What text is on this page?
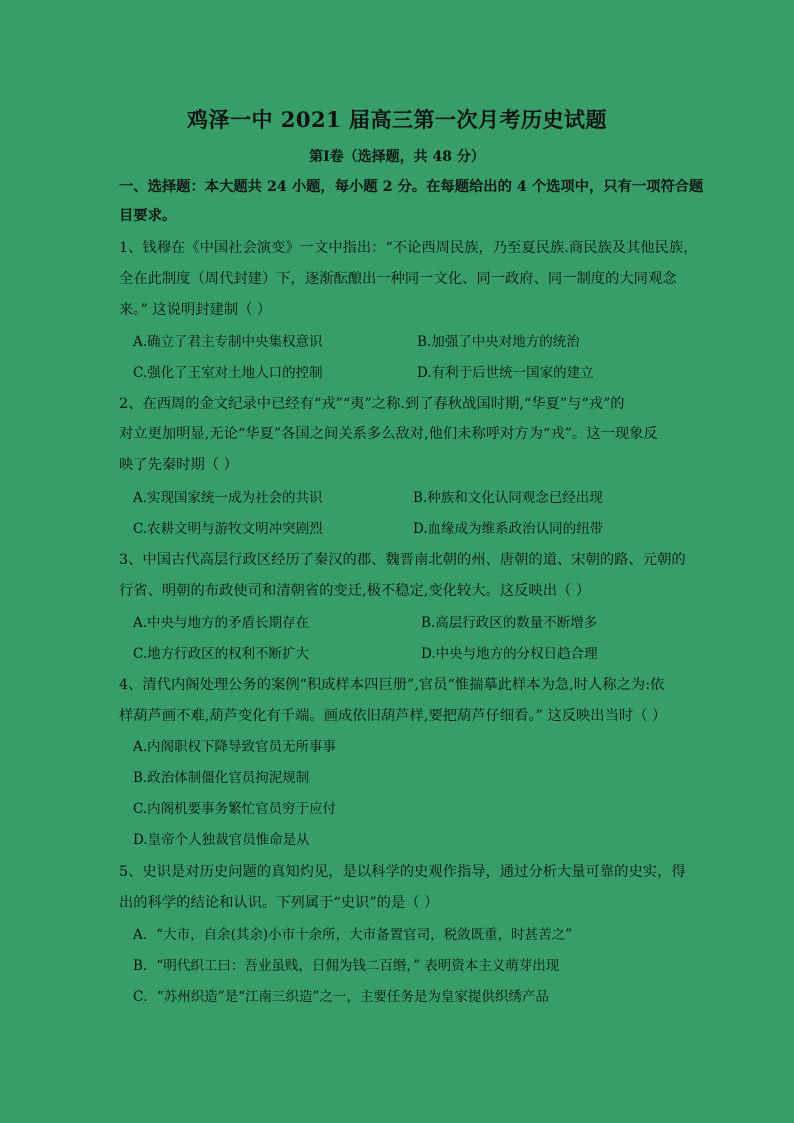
鸡泽一中 2021 届高三第一次月考历史试题
第Ⅰ卷（选择题，共 48 分）
一、选择题：本大题共 24 小题，每小题 2 分。在每题给出的 4 个选项中，只有一项符合题
目要求。
1、钱穆在《中国社会演变》一文中指出：“不论西周民族，乃至夏民族.商民族及其他民族，
全在此制度（周代封建）下，逐渐酝酿出一种同一文化、同一政府、同一制度的大同观念
来。” 这说明封建制（ ）
A.确立了君主专制中央集权意识	B.加强了中央对地方的统治
C.强化了王室对土地人口的控制	D.有利于后世统一国家的建立
2、在西周的金文纪录中已经有“戎”“夷”之称.到了春秋战国时期,“华夏”与“戎”的
对立更加明显,无论“华夏”各国之间关系多么敌对,他们未称呼对方为“戎”。这一现象反
映了先秦时期（ ）
A.实现国家统一成为社会的共识	B.种族和文化认同观念已经出现
C.农耕文明与游牧文明冲突剧烈	D.血缘成为维系政治认同的纽带
3、中国古代高层行政区经历了秦汉的郡、魏晋南北朝的州、唐朝的道、宋朝的路、元朝的
行省、明朝的布政使司和清朝省的变迁,极不稳定,变化较大。这反映出（ ）
A.中央与地方的矛盾长期存在	B.高层行政区的数量不断增多
C.地方行政区的权利不断扩大	D.中央与地方的分权日趋合理
4、清代内阁处理公务的案例“积成样本四巨册”,官员“惟揣摹此样本为急,时人称之为:依
样葫芦画不难,葫芦变化有千端。画成依旧葫芦样,要把葫芦仔细看。” 这反映出当时（ ）
A.内阁职权下降导致官员无所事事
B.政治体制僵化官员拘泥规制
C.内阁机要事务繁忙官员穷于应付
D.皇帝个人独裁官员惟命是从
5、史识是对历史问题的真知灼见，是以科学的史观作指导，通过分析大量可靠的史实，得
出的科学的结论和认识。下列属于“史识”的是（ ）
A．“大市，自余(其余)小市十余所，大市备置官司，税敛既重，时甚苦之”
B．“明代织工曰：吾业虽贱，日佣为钱二百缗，” 表明资本主义萌芽出现
C．“苏州织造”是“江南三织造”之一，主要任务是为皇家提供织绣产品
